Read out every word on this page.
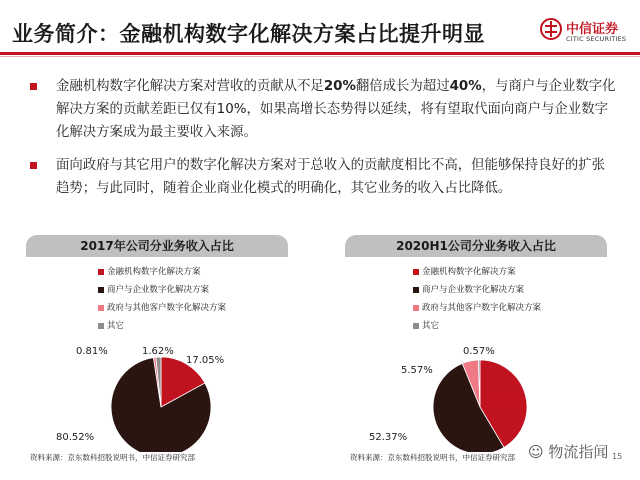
业务简介：金融机构数字化解决方案占比提升明显	中信证券
CITIC SECURITIES
金融机构数字化解决方案对营收的贡献从不足20%翻倍成长为超过40%，与商户与企业数字化解决方案的贡献差距已仅有10%，如果高增长态势得以延续，将有望取代面向商户与企业数字化解决方案成为最主要收入来源。
面向政府与其它用户的数字化解决方案对于总收入的贡献度相比不高，但能够保持良好的扩张趋势；与此同时，随着企业商业化模式的明确化，其它业务的收入占比降低。
2017年公司分业务收入占比
金融机构数字化解决方案
商户与企业数字化解决方案
政府与其他客户数字化解决方案
其它
17.05%
80.52%
0.81%	1.62%
2020H1公司分业务收入占比
金融机构数字化解决方案
商户与企业数字化解决方案
政府与其他客户数字化解决方案
其它
41.49%
52.37%
5.57%
0.57%
资料来源：京东数科招股说明书，中信证券研究部	资料来源：京东数科招股说明书，中信证券研究部 ☺ 物流指闻 15
